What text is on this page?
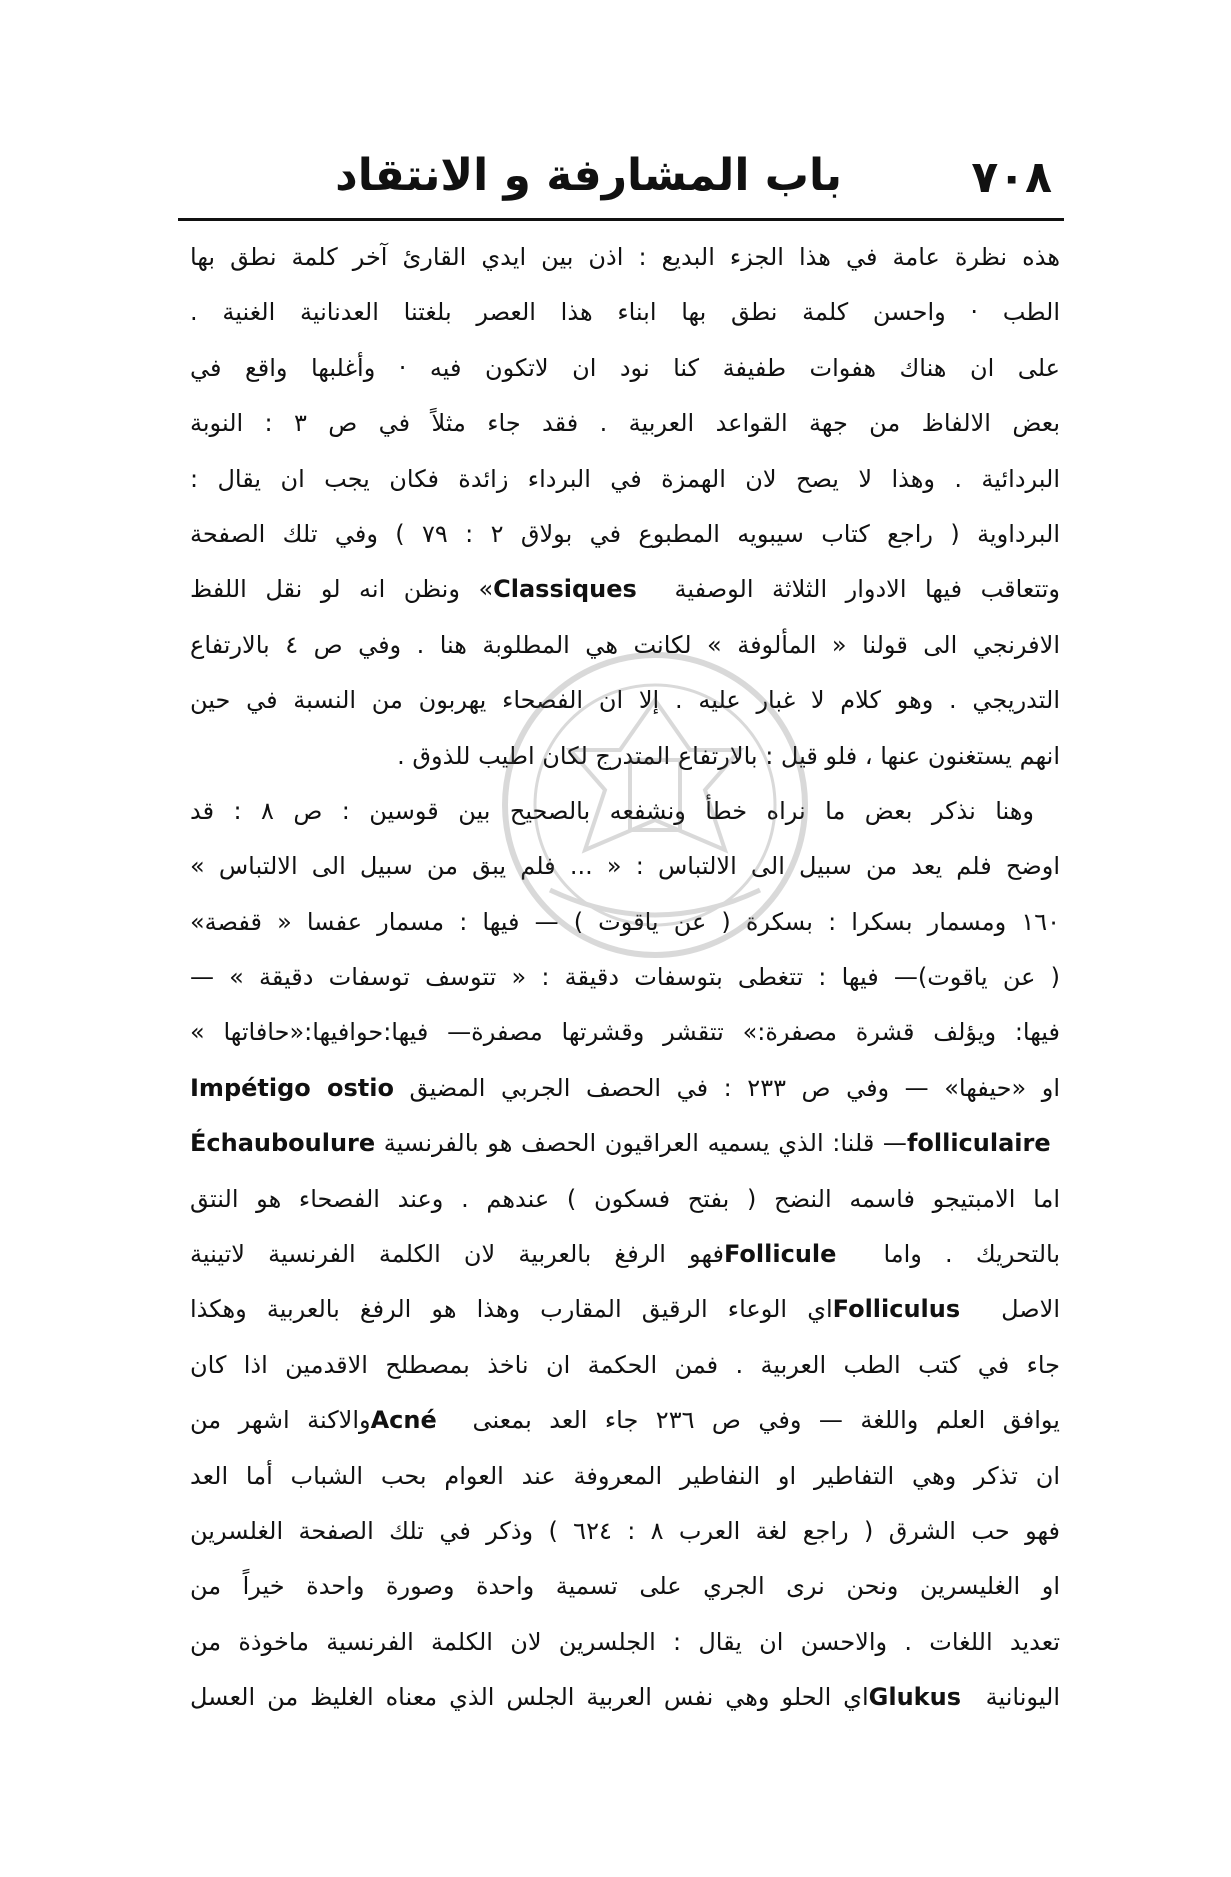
٧٠٨
باب المشارفة و الانتقاد
هذه نظرة عامة في هذا الجزء البديع : اذن بين ايدي القارئ آخر كلمة نطق بها
الطب · واحسن كلمة نطق بها ابناء هذا العصر بلغتنا العدنانية الغنية .
على ان هناك هفوات طفيفة كنا نود ان لاتكون فيه · وأغلبها واقع في
بعض الالفاظ من جهة القواعد العربية . فقد جاء مثلاً في ص ٣ : النوبة
البردائية . وهذا لا يصح لان الهمزة في البرداء زائدة فكان يجب ان يقال :
البرداوية ( راجع كتاب سيبويه المطبوع في بولاق ٢ : ٧٩ ) وفي تلك الصفحة
وتتعاقب فيها الادوار الثلاثة الوصفية Classiques » ونظن انه لو نقل اللفظ
الافرنجي الى قولنا « المألوفة » لكانت هي المطلوبة هنا . وفي ص ٤ بالارتفاع
التدريجي . وهو كلام لا غبار عليه . إلا ان الفصحاء يهربون من النسبة في حين
انهم يستغنون عنها ، فلو قيل : بالارتفاع المتدرج لكان اطيب للذوق .
وهنا نذكر بعض ما نراه خطأ ونشفعه بالصحيح بين قوسين : ص ٨ : قد
اوضح فلم يعد من سبيل الى الالتباس : « ... فلم يبق من سبيل الى الالتباس »
١٦٠ ومسمار بسكرا : بسكرة ( عن ياقوت ) — فيها : مسمار عفسا « قفصة»
( عن ياقوت)— فيها : تتغطى بتوسفات دقيقة : « تتوسف توسفات دقيقة » —
فيها: ويؤلف قشرة مصفرة:» تتقشر وقشرتها مصفرة— فيها:حوافيها:«حافاتها »
او «حيفها» — وفي ص ٢٣٣ : في الحصف الجربي المضيق Impétigo ostio
folliculaire — قلنا: الذي يسميه العراقيون الحصف هو بالفرنسية Échauboulure
اما الامبتيجو فاسمه النضح ( بفتح فسكون ) عندهم . وعند الفصحاء هو النتق
بالتحريك . واما Follicule فهو الرفغ بالعربية لان الكلمة الفرنسية لاتينية
الاصل Folliculus اي الوعاء الرقيق المقارب وهذا هو الرفغ بالعربية وهكذا
جاء في كتب الطب العربية . فمن الحكمة ان ناخذ بمصطلح الاقدمين اذا كان
يوافق العلم واللغة — وفي ص ٢٣٦ جاء العد بمعنى Acné والاكنة اشهر من
ان تذكر وهي التفاطير او النفاطير المعروفة عند العوام بحب الشباب أما العد
فهو حب الشرق ( راجع لغة العرب ٨ : ٦٢٤ ) وذكر في تلك الصفحة الغلسرين
او الغليسرين ونحن نرى الجري على تسمية واحدة وصورة واحدة خيراً من
تعديد اللغات . والاحسن ان يقال : الجلسرين لان الكلمة الفرنسية ماخوذة من
اليونانية Glukus اي الحلو وهي نفس العربية الجلس الذي معناه الغليظ من العسل
